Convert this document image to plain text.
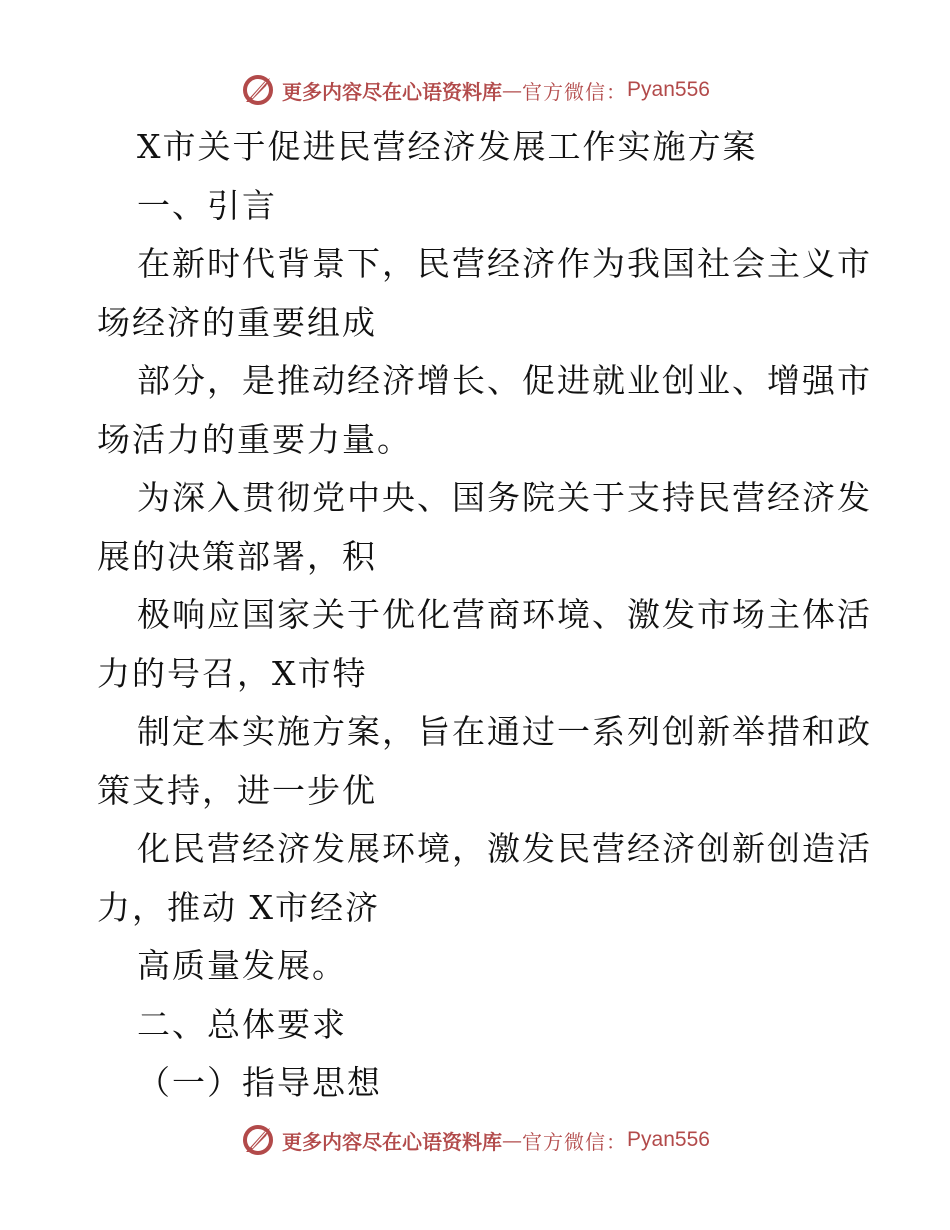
更多内容尽在心语资料库 — 官方微信： Pyan556
X市关于促进民营经济发展工作实施方案
一、引言
在新时代背景下，民营经济作为我国社会主义市
场经济的重要组成
部分，是推动经济增长、促进就业创业、增强市
场活力的重要力量。
为深入贯彻党中央、国务院关于支持民营经济发
展的决策部署，积
极响应国家关于优化营商环境、激发市场主体活
力的号召，X市特
制定本实施方案，旨在通过一系列创新举措和政
策支持，进一步优
化民营经济发展环境，激发民营经济创新创造活
力，推动 X市经济
高质量发展。
二、总体要求
（一）指导思想
更多内容尽在心语资料库 — 官方微信： Pyan556
